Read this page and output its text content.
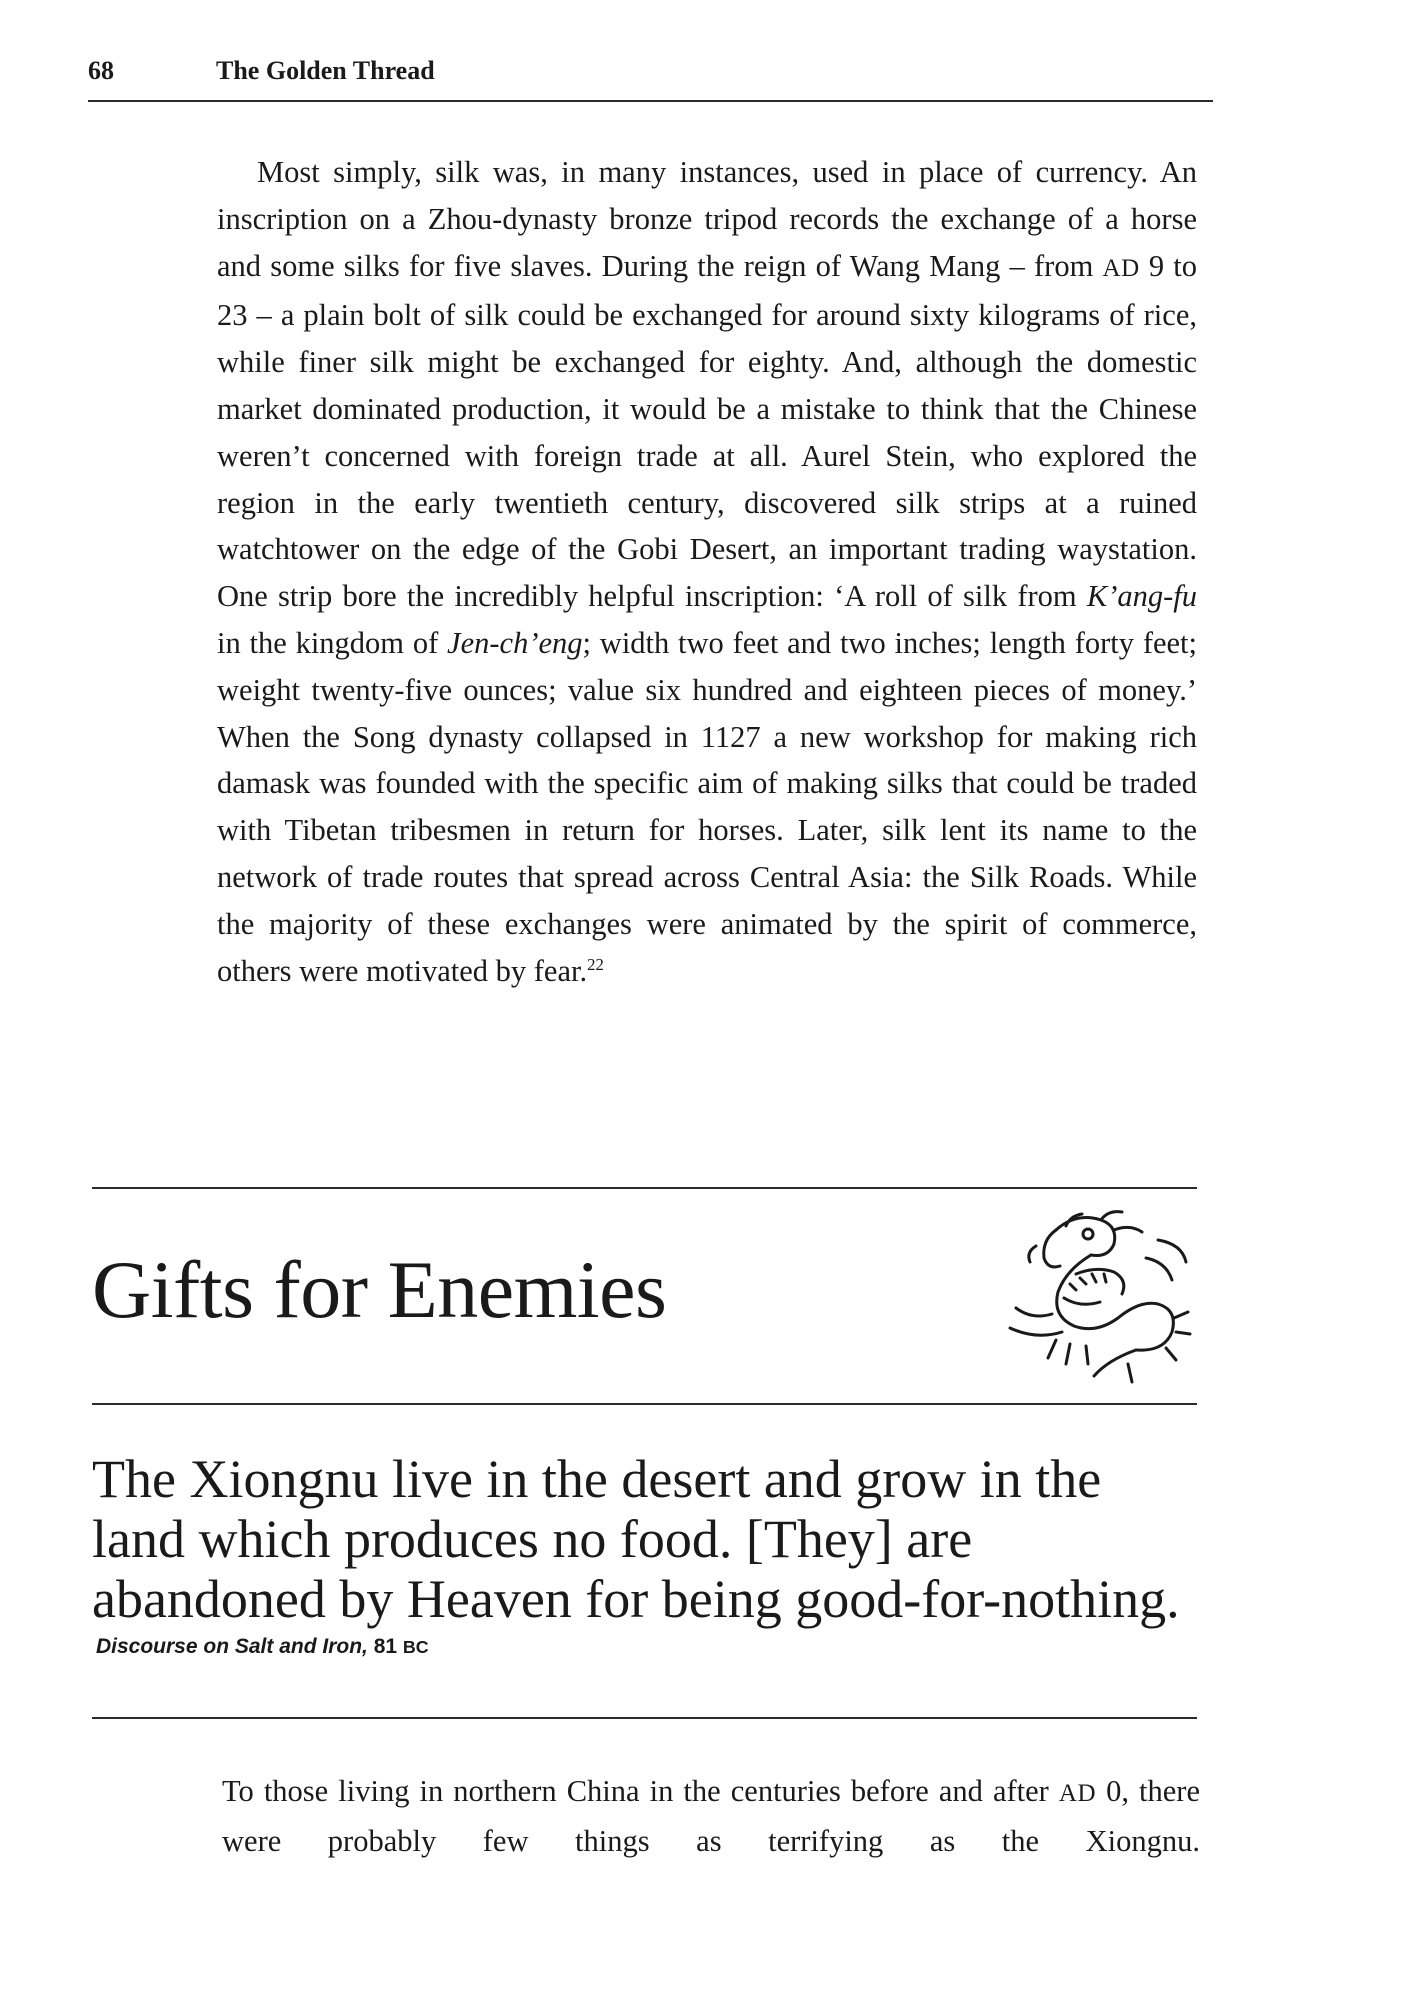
68	The Golden Thread

Most simply, silk was, in many instances, used in place of currency. An inscription on a Zhou-dynasty bronze tripod records the exchange of a horse and some silks for five slaves. During the reign of Wang Mang – from AD 9 to 23 – a plain bolt of silk could be exchanged for around sixty kilograms of rice, while finer silk might be exchanged for eighty. And, although the domestic market dominated production, it would be a mistake to think that the Chinese weren’t concerned with foreign trade at all. Aurel Stein, who explored the region in the early twentieth century, discovered silk strips at a ruined watchtower on the edge of the Gobi Desert, an important trading waystation. One strip bore the incredibly helpful inscription: ‘A roll of silk from K’ang-fu in the kingdom of Jen-ch’eng; width two feet and two inches; length forty feet; weight twenty-five ounces; value six hundred and eighteen pieces of money.’ When the Song dynasty collapsed in 1127 a new workshop for making rich damask was founded with the specific aim of making silks that could be traded with Tibetan tribesmen in return for horses. Later, silk lent its name to the network of trade routes that spread across Central Asia: the Silk Roads. While the majority of these exchanges were animated by the spirit of commerce, others were motivated by fear.$^{22}$

Gifts for Enemies
The Xiongnu live in the desert and grow in the land which produces no food. [They] are abandoned by Heaven for being good-for-nothing.
Discourse on Salt and Iron, 81 BC

To those living in northern China in the centuries before and after AD 0, there were probably few things as terrifying as the Xiongnu.
